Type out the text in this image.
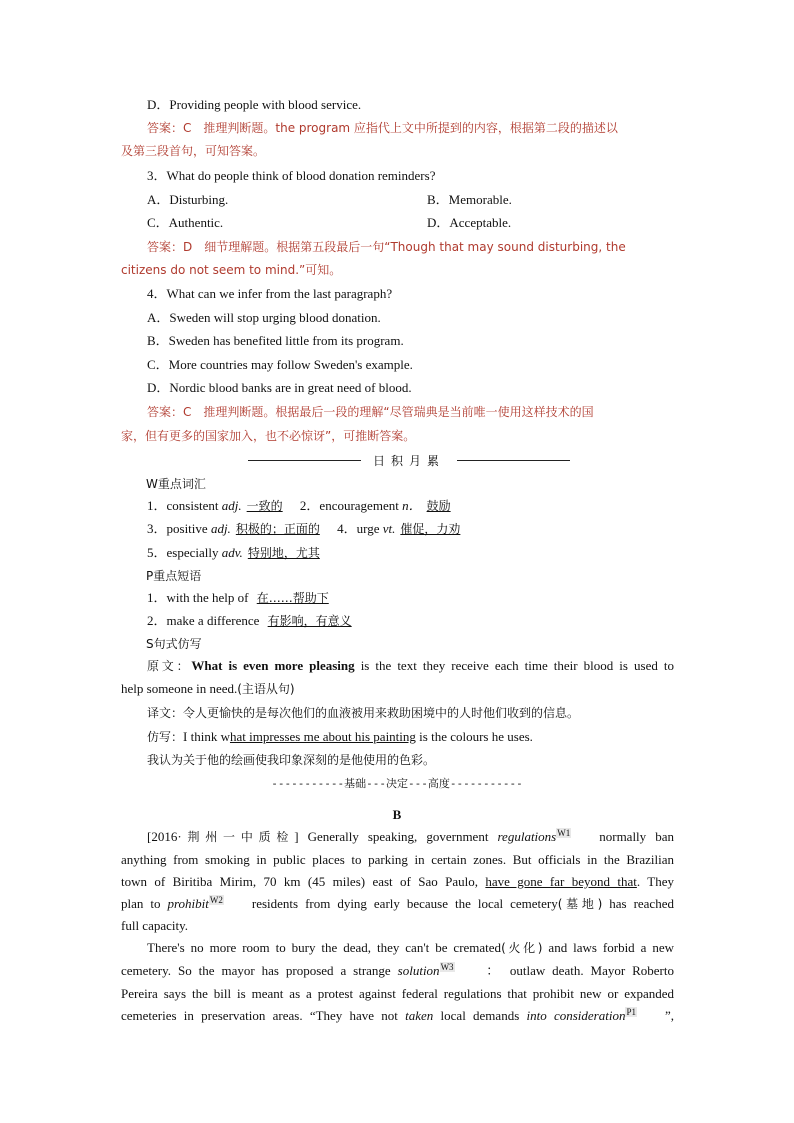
D．Providing people with blood service.
答案：C　推理判断题。the program 应指代上文中所提到的内容，根据第二段的描述以
及第三段首句，可知答案。
3．What do people think of blood donation reminders?
A．Disturbing.	B．Memorable.
C．Authentic.	D．Acceptable.
答案：D　细节理解题。根据第五段最后一句“Though that may sound disturbing, the
citizens do not seem to mind.”可知。
4．What can we infer from the last paragraph?
A．Sweden will stop urging blood donation.
B．Sweden has benefited little from its program.
C．More countries may follow Sweden's example.
D．Nordic blood banks are in great need of blood.
答案：C　推理判断题。根据最后一段的理解“尽管瑞典是当前唯一使用这样技术的国
家，但有更多的国家加入，也不必惊讶”，可推断答案。
日积月累
W重点词汇
1．consistent adj. 一致的 2．encouragement n． 鼓励
3．positive adj. 积极的；正面的 4．urge vt. 催促，力劝
5．especially adv. 特别地，尤其
P重点短语
1．with the help of 在……帮助下
2．make a difference 有影响，有意义
S句式仿写
原文：What is even more pleasing is the text they receive each time their blood is used to
help someone in need.(主语从句)
译文：令人更愉快的是每次他们的血液被用来救助困境中的人时他们收到的信息。
仿写：I think what impresses me about his painting is the colours he uses.
我认为关于他的绘画使我印象深刻的是他使用的色彩。
-----------基础---决定---高度-----------
B
[2016·荆州一中质检] Generally speaking, government regulations$^{W1}$ normally ban
anything from smoking in public places to parking in certain zones. But officials in the Brazilian
town of Biritiba Mirim, 70 km (45 miles) east of Sao Paulo, have gone far beyond that. They
plan to prohibit$^{W2}$ residents from dying early because the local cemetery(墓地) has reached
full capacity.
There's no more room to bury the dead, they can't be cremated(火化) and laws forbid a new
cemetery. So the mayor has proposed a strange solution$^{W3}$ ： outlaw death. Mayor Roberto
Pereira says the bill is meant as a protest against federal regulations that prohibit new or expanded
cemeteries in preservation areas. “They have not taken local demands into consideration$^{P1}$ ”,
